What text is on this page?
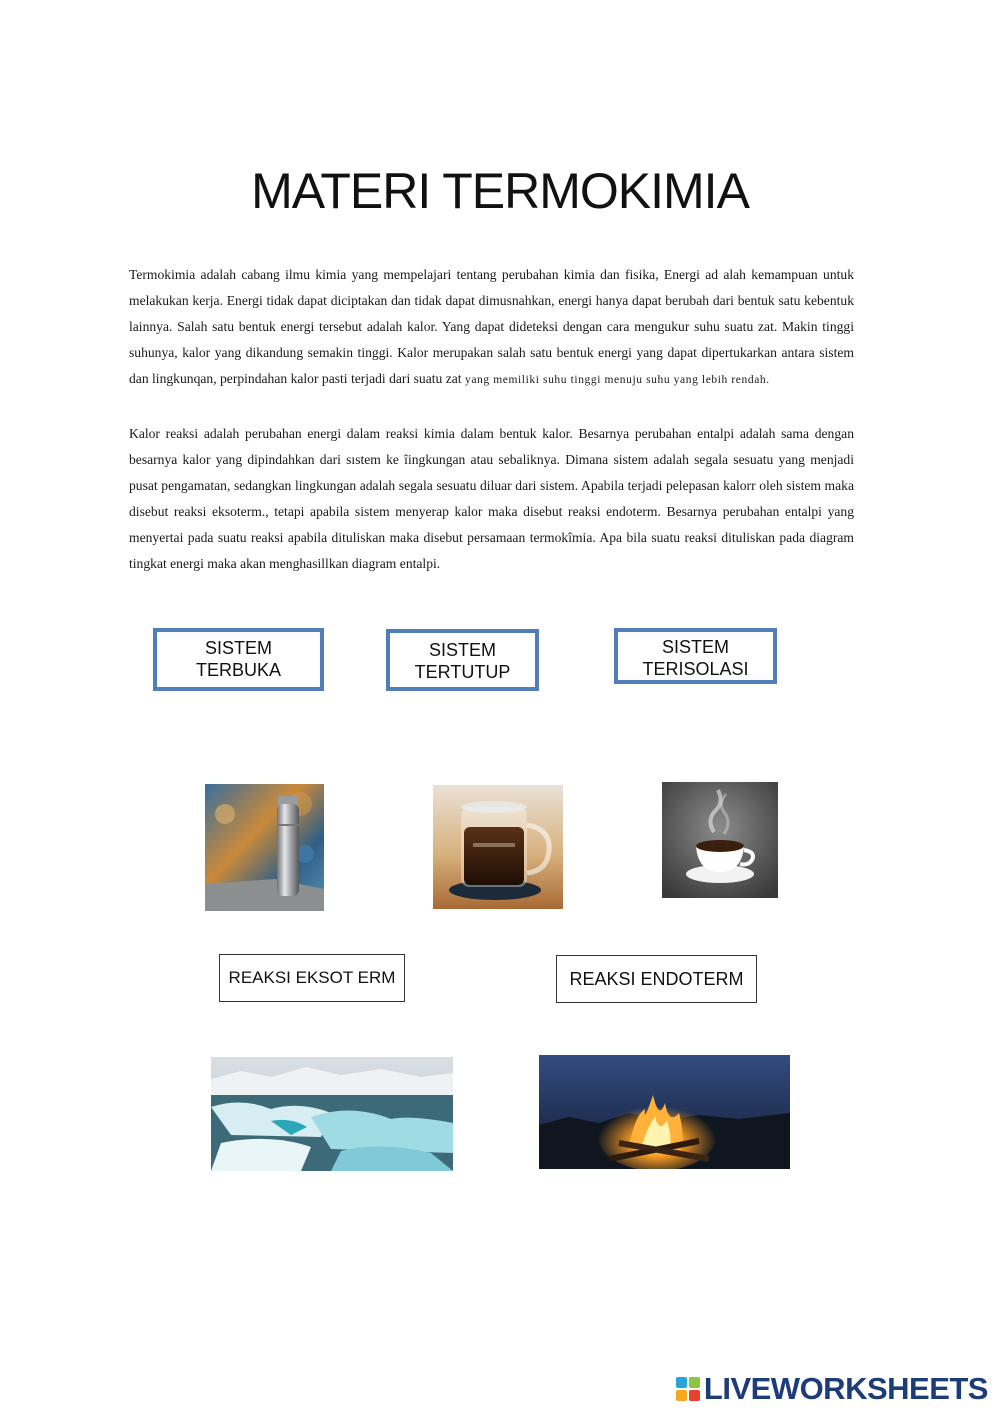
MATERI TERMOKIMIA

Termokimia adalah cabang ilmu kimia yang mempelajari tentang perubahan kimia dan fisika, Energi ad alah kemampuan untuk melakukan kerja. Energi tidak dapat diciptakan dan tidak dapat dimusnahkan, energi hanya dapat berubah dari bentuk satu kebentuk lainnya. Salah satu bentuk energi tersebut adalah kalor. Yang dapat dideteksi dengan cara mengukur suhu suatu zat. Makin tinggi suhunya, kalor yang dikandung semakin tinggi. Kalor merupakan salah satu bentuk energi yang dapat dipertukarkan antara sistem dan lingkunqan, perpindahan kalor pasti terjadi dari suatu zat yang memiliki suhu tinggi menuju suhu yang lebih rendah.

Kalor reaksi adalah perubahan energi dalam reaksi kimia dalam bentuk kalor. Besarnya perubahan entalpi adalah sama dengan besarnya kalor yang dipindahkan dari sıstem ke îingkungan atau sebaliknya. Dimana sistem adalah segala sesuatu yang menjadi pusat pengamatan, sedangkan lingkungan adalah segala sesuatu diluar dari sistem. Apabila terjadi pelepasan kalorr oleh sistem maka disebut reaksi eksoterm., tetapi apabila sistem menyerap kalor maka disebut reaksi endoterm. Besarnya perubahan entalpi yang menyertai pada suatu reaksi apabila dituliskan maka disebut persamaan termokîmia. Apa bila suatu reaksi dituliskan pada diagram tingkat energi maka akan menghasillkan diagram entalpi.

SISTEM
TERBUKA
SISTEM
TERTUTUP
SISTEM
TERISOLASI
REAKSI EKSOT ERM	REAKSI ENDOTERM
LIVEWORKSHEETS
